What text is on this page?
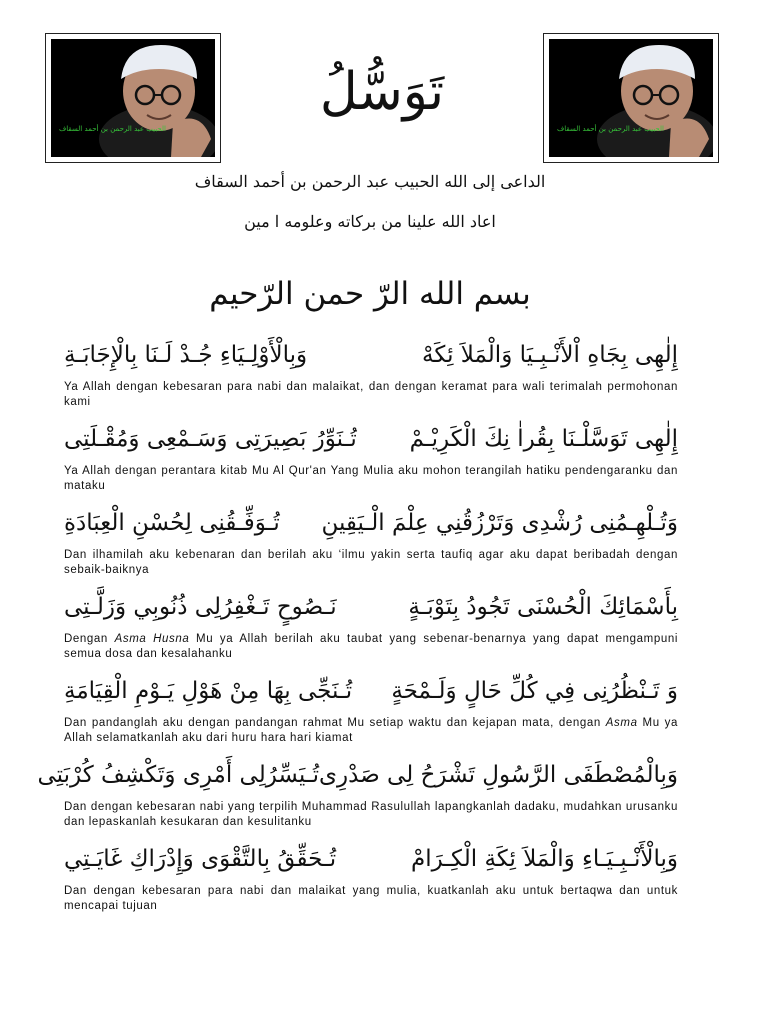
الحبيب عبد الرحمن بن أحمد السقاف	الحبيب عبد الرحمن بن أحمد السقاف
تَوَسُّلُ
الداعى إلى الله الحبيب عبد الرحمن بن أحمد السقاف
اعاد الله علينا من بركاته وعلومه ا مين
بسم الله الرّ حمن الرّحيم
إِلٰهِى بِجَاهِ اْلأَنْـبِـيَا وَالْمَلاَ ئِكَهْ
وَبِالْأَوْلِـيَاءِ جُـدْ لَـنَا بِالْإِجَابَـةِ
Ya Allah dengan kebesaran para nabi dan malaikat, dan dengan keramat para wali terimalah permohonan kami
إِلٰهِى تَوَسَّلْـنَا بِقُراٰ نِكَ الْكَرِيْـمْ
تُـنَوِّرُ بَصِيرَتِى وَسَـمْعِى وَمُقْـلَتِى
Ya Allah dengan perantara kitab Mu Al Qur'an Yang Mulia aku mohon terangilah hatiku pendengaranku dan mataku
وَتُـلْهِـمُنِى رُشْدِى وَتَرْزُقُنِي عِلْمَ الْـيَقِينِ
تُـوَفِّـقُنِى لِحُسْنِ الْعِبَادَةِ
Dan ilhamilah aku kebenaran dan berilah aku ‘ilmu yakin serta taufiq agar aku dapat beribadah dengan sebaik-baiknya
بِأَسْمَائِكَ الْحُسْنَى تَجُودُ بِتَوْبَـةٍ
نَـصُوحٍ تَـغْفِرُلِى ذُنُوبِي وَزَلَّـتِى
Dengan Asma Husna Mu ya Allah berilah aku taubat yang sebenar-benarnya yang dapat mengampuni semua dosa dan kesalahanku
وَ تَـنْظُرُنِى فِي كُلِّ حَالٍ وَلَـمْحَةٍ
تُـنَجِّى بِهَا مِنْ هَوْلِ يَـوْمِ الْقِيَامَةِ
Dan pandanglah aku dengan pandangan rahmat Mu setiap waktu dan kejapan mata, dengan Asma Mu ya Allah selamatkanlah aku dari huru hara hari kiamat
وَبِالْمُصْطَفَى الرَّسُولِ تَشْرَحُ لِى صَدْرِى
تُـيَسِّرُلِى أَمْرِى وَتَكْشِفُ كُرْبَتِى
Dan dengan kebesaran nabi yang terpilih Muhammad Rasulullah lapangkanlah dadaku, mudahkan urusanku dan lepaskanlah kesukaran dan kesulitanku
وَبِالْأَنْـبِـيَـاءِ وَالْمَلاَ ئِكَةِ الْكِـرَامْ
تُـحَقِّقُ بِالتَّقْوَى وَإِدْرَاكِ غَايَـتِي
Dan dengan kebesaran para nabi dan malaikat yang mulia, kuatkanlah aku untuk bertaqwa dan untuk mencapai tujuan
